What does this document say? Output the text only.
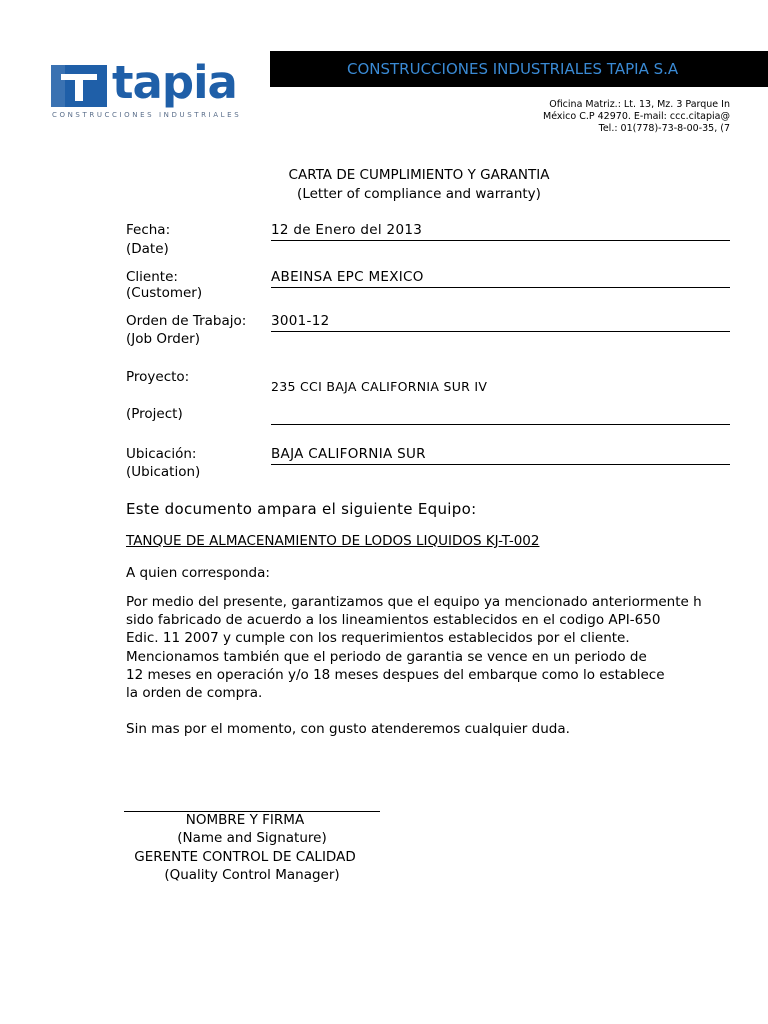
tapia
CONSTRUCCIONES INDUSTRIALES
CONSTRUCCIONES INDUSTRIALES TAPIA S.A
Oficina Matriz.: Lt. 13, Mz. 3 Parque In
México C.P 42970. E-mail: ccc.citapia@
Tel.: 01(778)-73-8-00-35, (7
CARTA DE CUMPLIMIENTO Y GARANTIA
(Letter of compliance and warranty)
Fecha:
(Date)
12 de Enero del 2013
Cliente:
(Customer)
ABEINSA EPC MEXICO
Orden de Trabajo:
(Job Order)
3001-12
Proyecto:
(Project)
235 CCI BAJA CALIFORNIA SUR IV
Ubicación:
(Ubication)
BAJA CALIFORNIA SUR
Este documento ampara el siguiente Equipo:
TANQUE DE ALMACENAMIENTO DE LODOS LIQUIDOS KJ-T-002
A quien corresponda:
Por medio del presente, garantizamos que el equipo ya mencionado anteriormente h
sido fabricado de acuerdo a los lineamientos establecidos en el codigo API-650
Edic. 11 2007 y cumple con los requerimientos establecidos por el cliente.
Mencionamos también que el periodo de garantia se vence en un periodo de
12 meses en operación y/o 18 meses despues del embarque como lo establece
la orden de compra.
Sin mas por el momento, con gusto atenderemos cualquier duda.
NOMBRE Y FIRMA
(Name and Signature)
GERENTE CONTROL DE CALIDAD
(Quality Control Manager)
